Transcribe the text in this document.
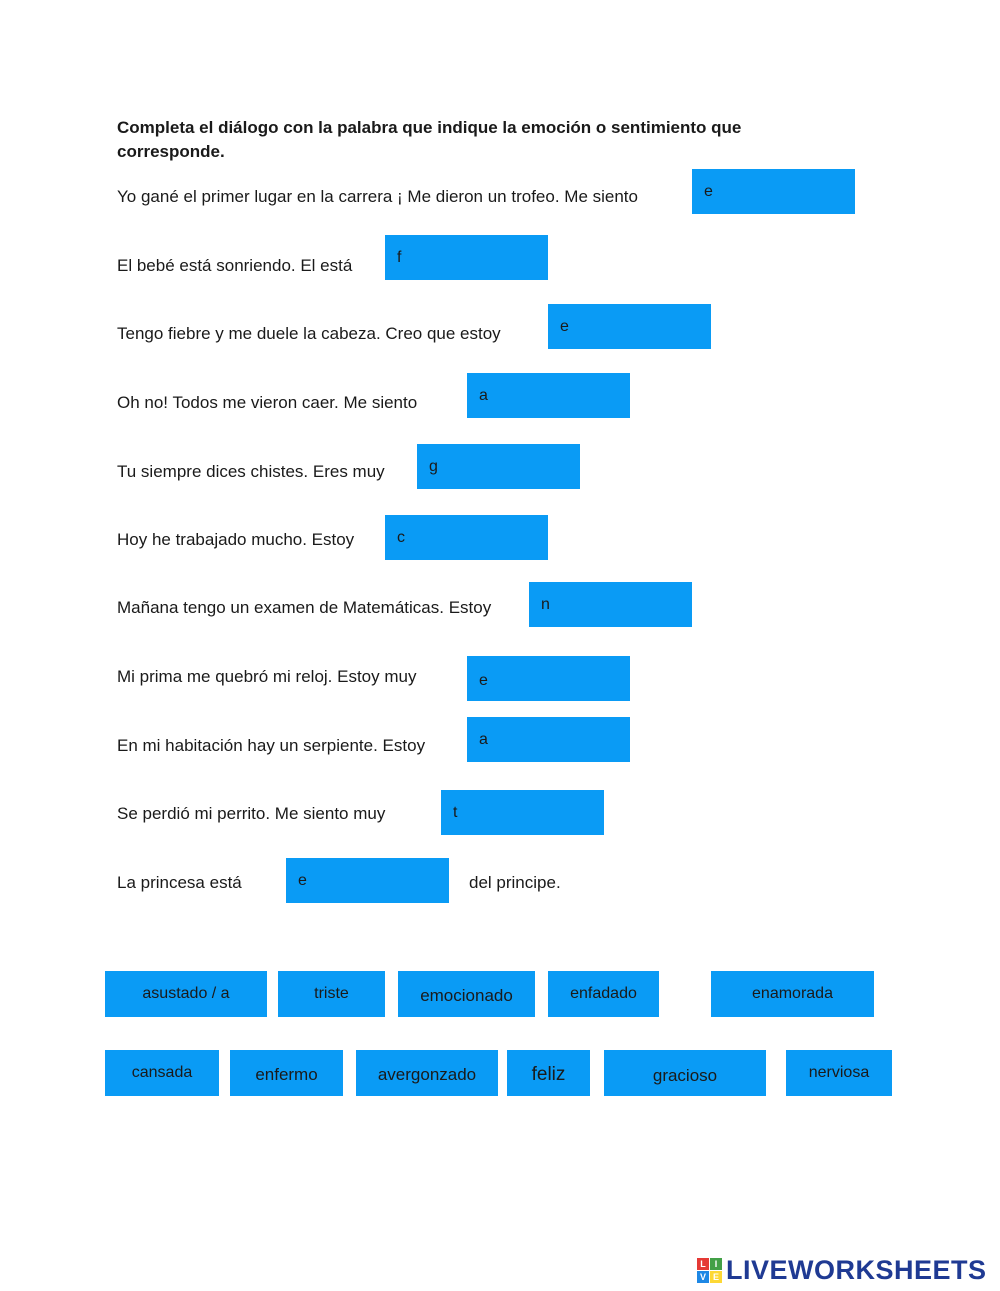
Completa el diálogo con la palabra que indique la emoción o sentimiento que corresponde.
Yo gané el primer lugar en la carrera ¡ Me dieron un trofeo. Me siento	e
El bebé está sonriendo. El está	f
Tengo fiebre y me duele la cabeza. Creo que estoy	e
Oh no! Todos me vieron caer. Me siento	a
Tu siempre dices chistes. Eres muy	g
Hoy he trabajado mucho. Estoy	c
Mañana tengo un examen de Matemáticas. Estoy	n
Mi prima me quebró mi reloj. Estoy muy	e
En mi habitación hay un serpiente. Estoy	a
Se perdió mi perrito. Me siento muy	t
La princesa está	e	del principe.
asustado / a	triste	emocionado	enfadado	enamorada
cansada	enfermo	avergonzado	feliz	gracioso	nerviosa
L I
V E LIVEWORKSHEETS
